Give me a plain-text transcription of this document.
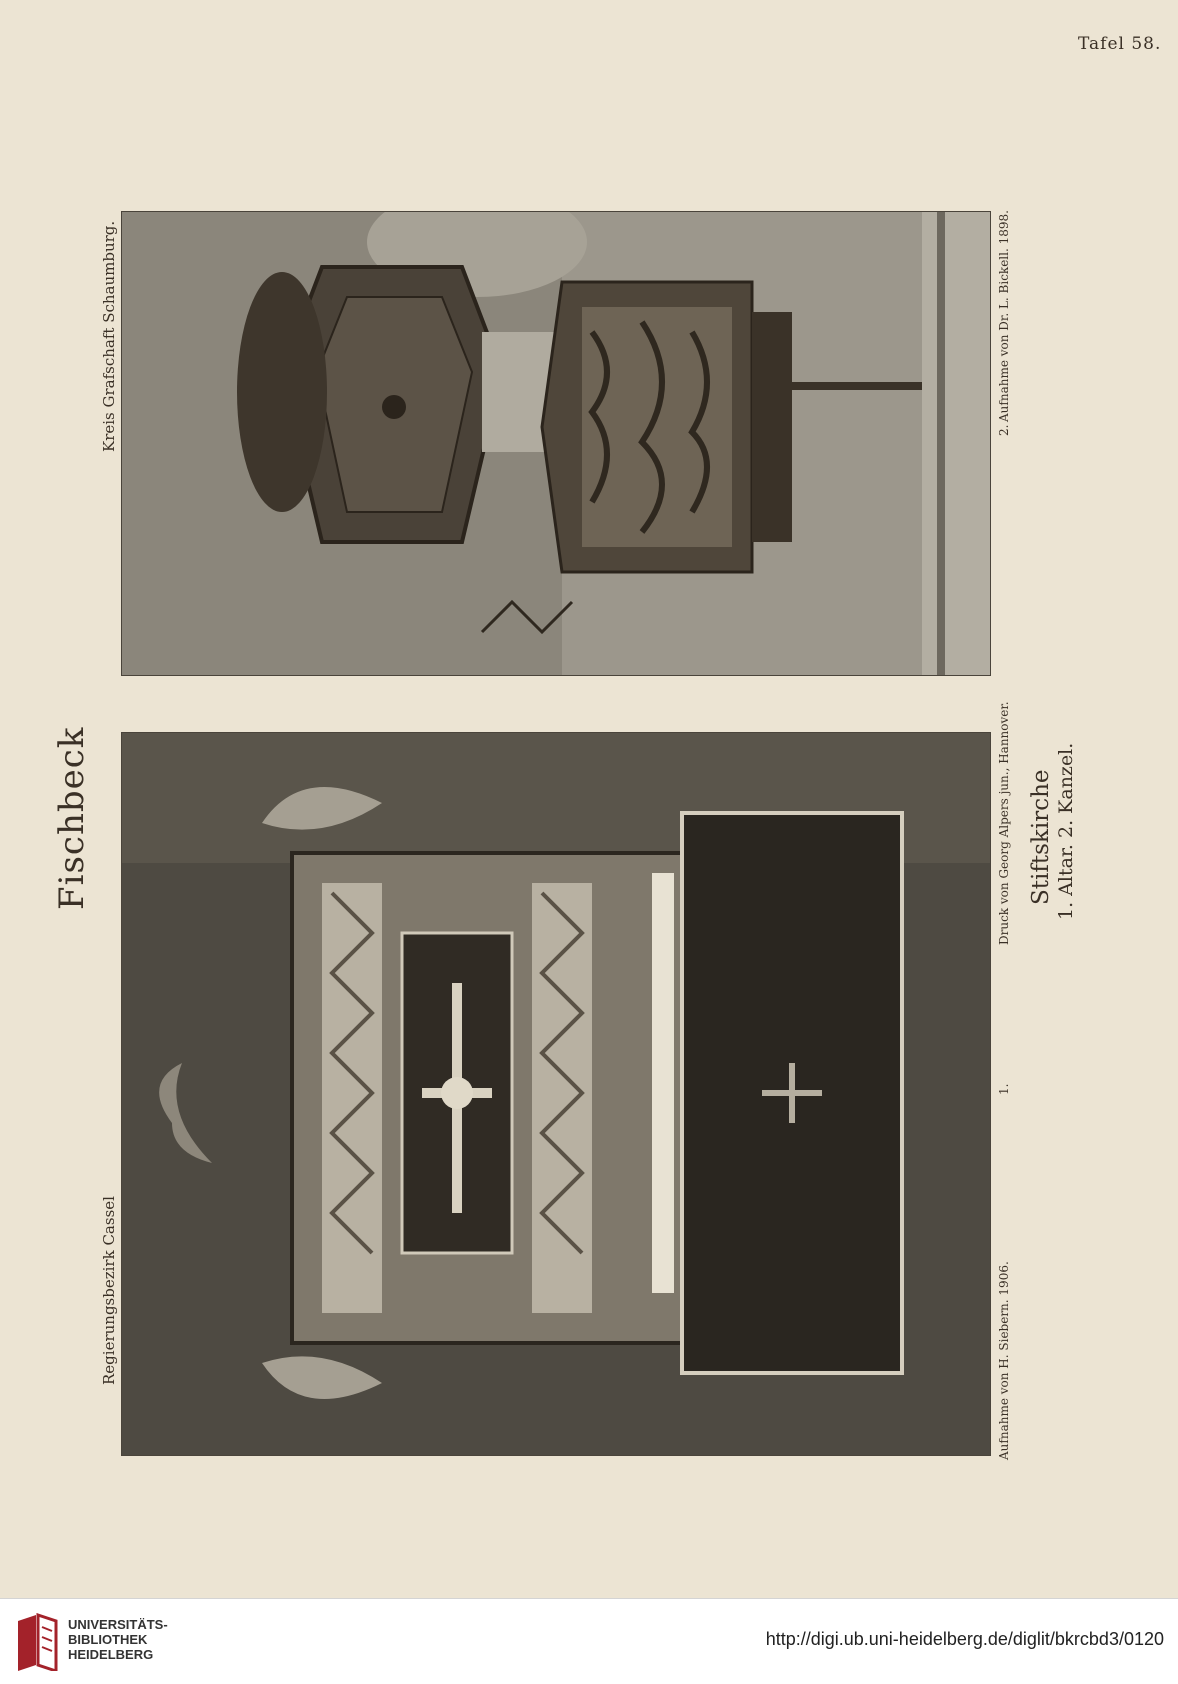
Tafel 58.
Regierungsbezirk Cassel
Kreis Grafschaft Schaumburg.
Fischbeck
Aufnahme von H. Siebern. 1906.
1.
Druck von Georg Alpers jun., Hannover.
2.
Aufnahme von Dr. L. Bickell. 1898.
Stiftskirche 1. Altar. 2. Kanzel.
UNIVERSITÄTS-
BIBLIOTHEK
HEIDELBERG
http://digi.ub.uni-heidelberg.de/diglit/bkrcbd3/0120
